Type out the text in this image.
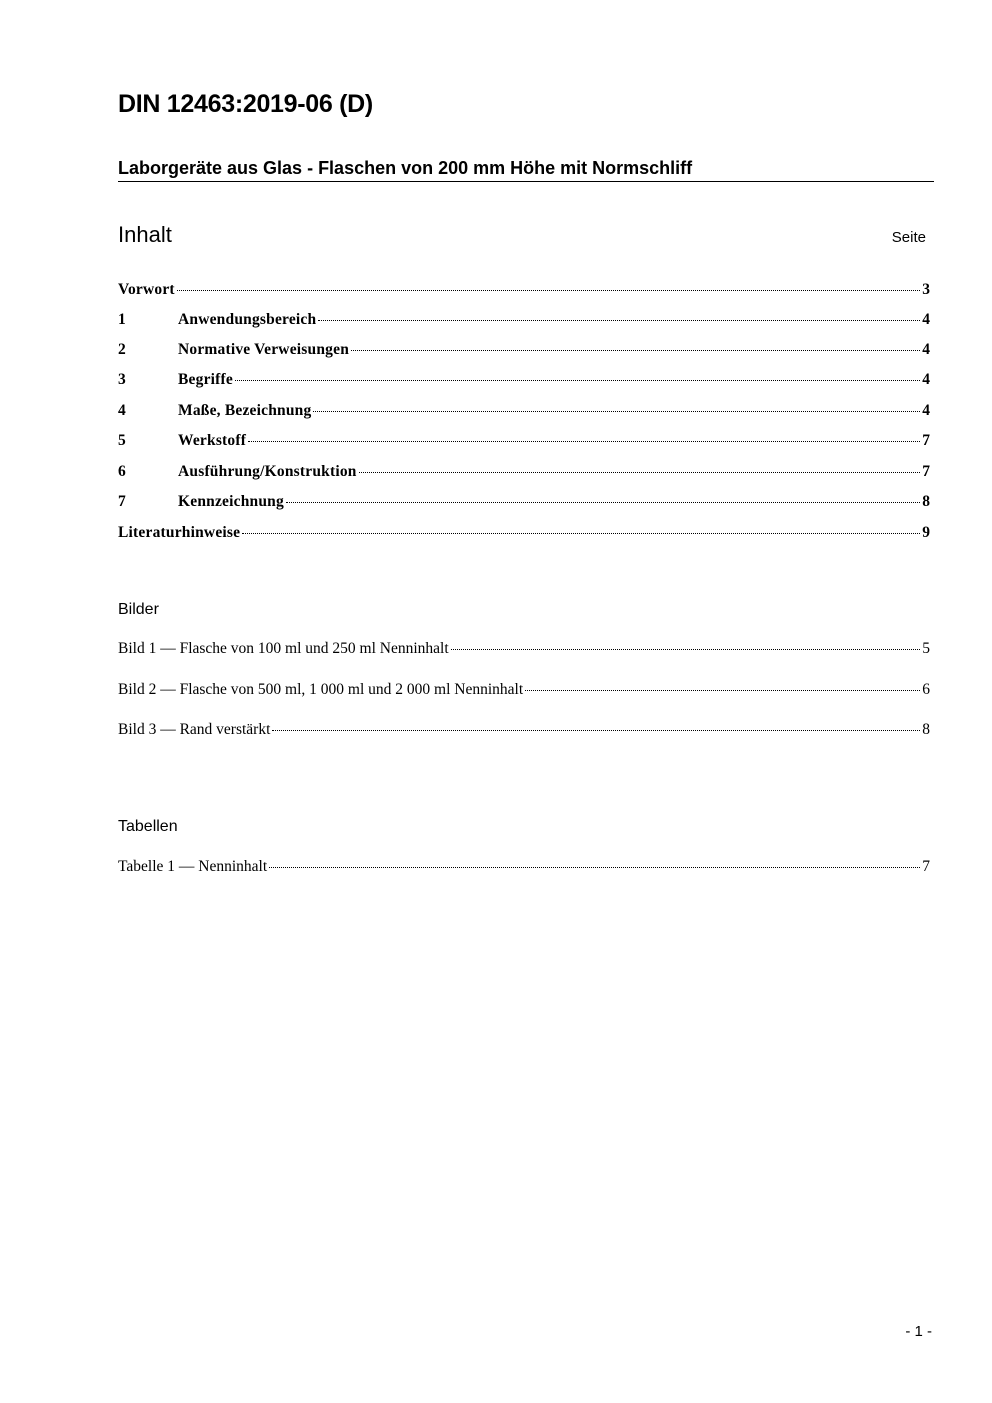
DIN 12463:2019-06 (D)
Laborgeräte aus Glas - Flaschen von 200 mm Höhe mit Normschliff
Inhalt	Seite
Vorwort	3
1	Anwendungsbereich	4
2	Normative Verweisungen	4
3	Begriffe	4
4	Maße, Bezeichnung	4
5	Werkstoff	7
6	Ausführung/Konstruktion	7
7	Kennzeichnung	8
Literaturhinweise	9
Bilder
Bild 1 — Flasche von 100 ml und 250 ml Nenninhalt	5
Bild 2 — Flasche von 500 ml, 1 000 ml und 2 000 ml Nenninhalt	6
Bild 3 — Rand verstärkt	8
Tabellen
Tabelle 1 — Nenninhalt	7
- 1 -
